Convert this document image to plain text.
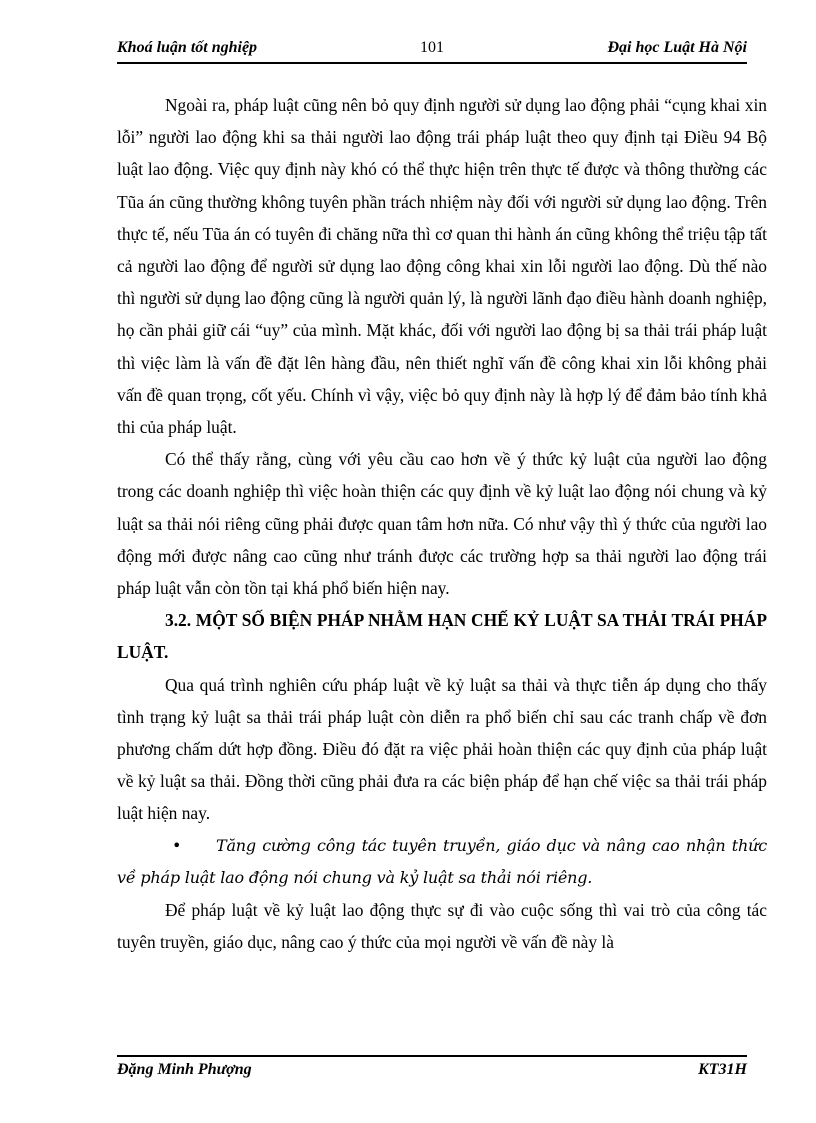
101
Khoá luận tốt nghiệp	Đại học Luật Hà Nội

Ngoài ra, pháp luật cũng nên bỏ quy định người sử dụng lao động phải “cụng khai xin lỗi” người lao động khi sa thải người lao động trái pháp luật theo quy định tại Điều 94 Bộ luật lao động. Việc quy định này khó có thể thực hiện trên thực tế được và thông thường các Tũa án cũng thường không tuyên phần trách nhiệm này đối với người sử dụng lao động. Trên thực tế, nếu Tũa án có tuyên đi chăng nữa thì cơ quan thi hành án cũng không thể triệu tập tất cả người lao động để người sử dụng lao động công khai xin lỗi người lao động. Dù thế nào thì người sử dụng lao động cũng là người quản lý, là người lãnh đạo điều hành doanh nghiệp, họ cần phải giữ cái “uy” của mình. Mặt khác, đối với người lao động bị sa thải trái pháp luật thì việc làm là vấn đề đặt lên hàng đầu, nên thiết nghĩ vấn đề công khai xin lỗi không phải vấn đề quan trọng, cốt yếu. Chính vì vậy, việc bỏ quy định này là hợp lý để đảm bảo tính khả thi của pháp luật.

Có thể thấy rằng, cùng với yêu cầu cao hơn về ý thức kỷ luật của người lao động trong các doanh nghiệp thì việc hoàn thiện các quy định về kỷ luật lao động nói chung và kỷ luật sa thải nói riêng cũng phải được quan tâm hơn nữa. Có như vậy thì ý thức của người lao động mới được nâng cao cũng như tránh được các trường hợp sa thải người lao động trái pháp luật vẫn còn tồn tại khá phổ biến hiện nay.

3.2. MỘT SỐ BIỆN PHÁP NHẰM HẠN CHẾ KỶ LUẬT SA THẢI TRÁI PHÁP LUẬT.

Qua quá trình nghiên cứu pháp luật về kỷ luật sa thải và thực tiễn áp dụng cho thấy tình trạng kỷ luật sa thải trái pháp luật còn diễn ra phổ biến chỉ sau các tranh chấp về đơn phương chấm dứt hợp đồng. Điều đó đặt ra việc phải hoàn thiện các quy định của pháp luật về kỷ luật sa thải. Đồng thời cũng phải đưa ra các biện pháp để hạn chế việc sa thải trái pháp luật hiện nay.

• Tăng cường công tác tuyên truyền, giáo dục và nâng cao nhận thức về pháp luật lao động nói chung và kỷ luật sa thải nói riêng.

Để pháp luật về kỷ luật lao động thực sự đi vào cuộc sống thì vai trò của công tác tuyên truyền, giáo dục, nâng cao ý thức của mọi người về vấn đề này là

Đặng Minh Phượng	KT31H
